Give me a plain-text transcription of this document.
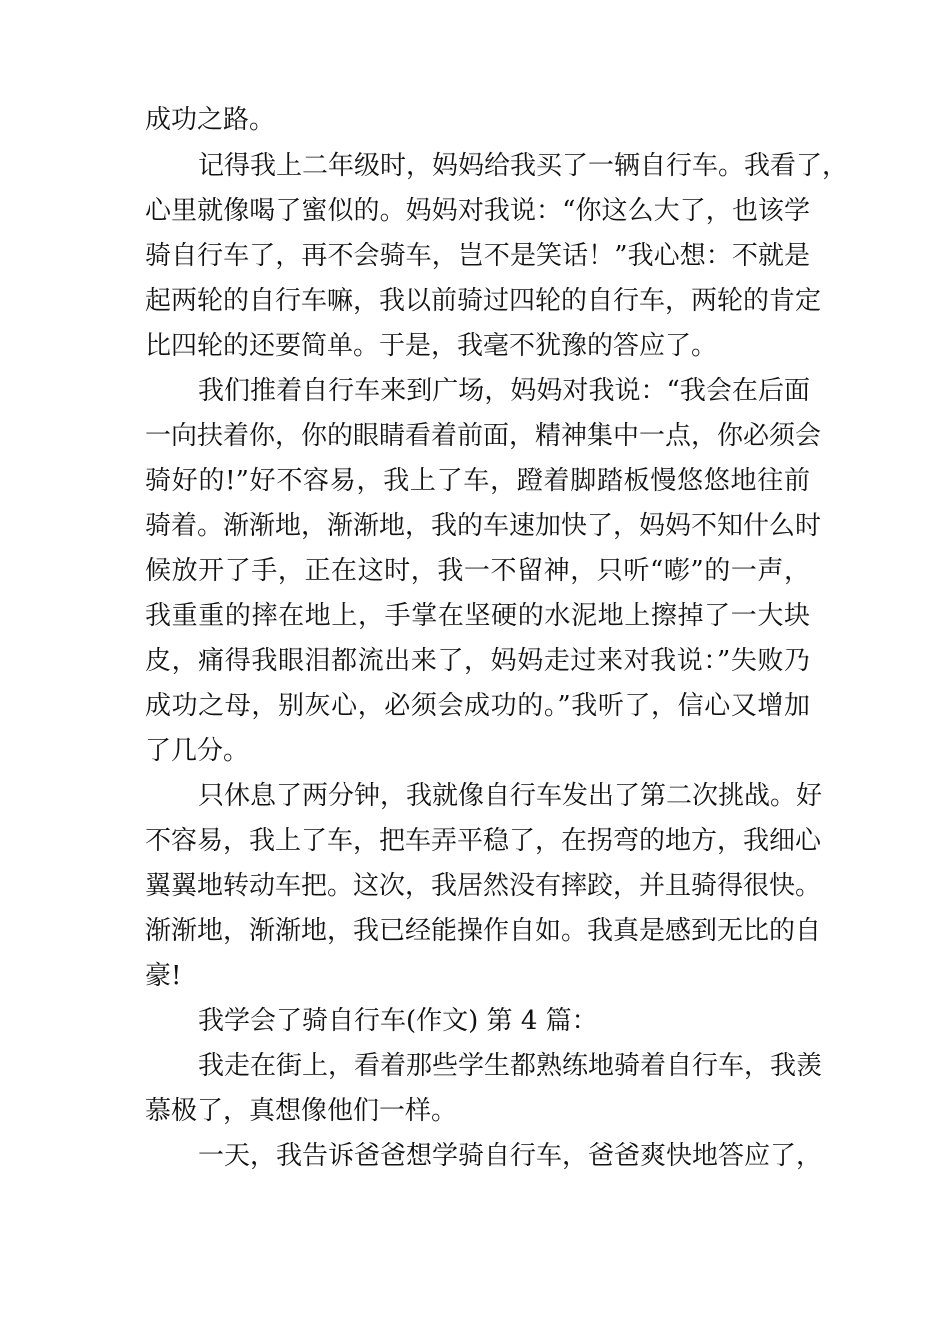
成功之路。
记得我上二年级时，妈妈给我买了一辆自行车。我看了，
心里就像喝了蜜似的。妈妈对我说：“你这么大了，也该学
骑自行车了，再不会骑车，岂不是笑话！”我心想：不就是
起两轮的自行车嘛，我以前骑过四轮的自行车，两轮的肯定
比四轮的还要简单。于是，我毫不犹豫的答应了。
我们推着自行车来到广场，妈妈对我说：“我会在后面
一向扶着你，你的眼睛看着前面，精神集中一点，你必须会
骑好的!”好不容易，我上了车，蹬着脚踏板慢悠悠地往前
骑着。渐渐地，渐渐地，我的车速加快了，妈妈不知什么时
候放开了手，正在这时，我一不留神，只听“嘭”的一声，
我重重的摔在地上，手掌在坚硬的水泥地上擦掉了一大块
皮，痛得我眼泪都流出来了，妈妈走过来对我说：”失败乃
成功之母，别灰心，必须会成功的。”我听了，信心又增加
了几分。
只休息了两分钟，我就像自行车发出了第二次挑战。好
不容易，我上了车，把车弄平稳了，在拐弯的地方，我细心
翼翼地转动车把。这次，我居然没有摔跤，并且骑得很快。
渐渐地，渐渐地，我已经能操作自如。我真是感到无比的自
豪!
我学会了骑自行车(作文) 第 4 篇：
我走在街上，看着那些学生都熟练地骑着自行车，我羡
慕极了，真想像他们一样。
一天，我告诉爸爸想学骑自行车，爸爸爽快地答应了，
